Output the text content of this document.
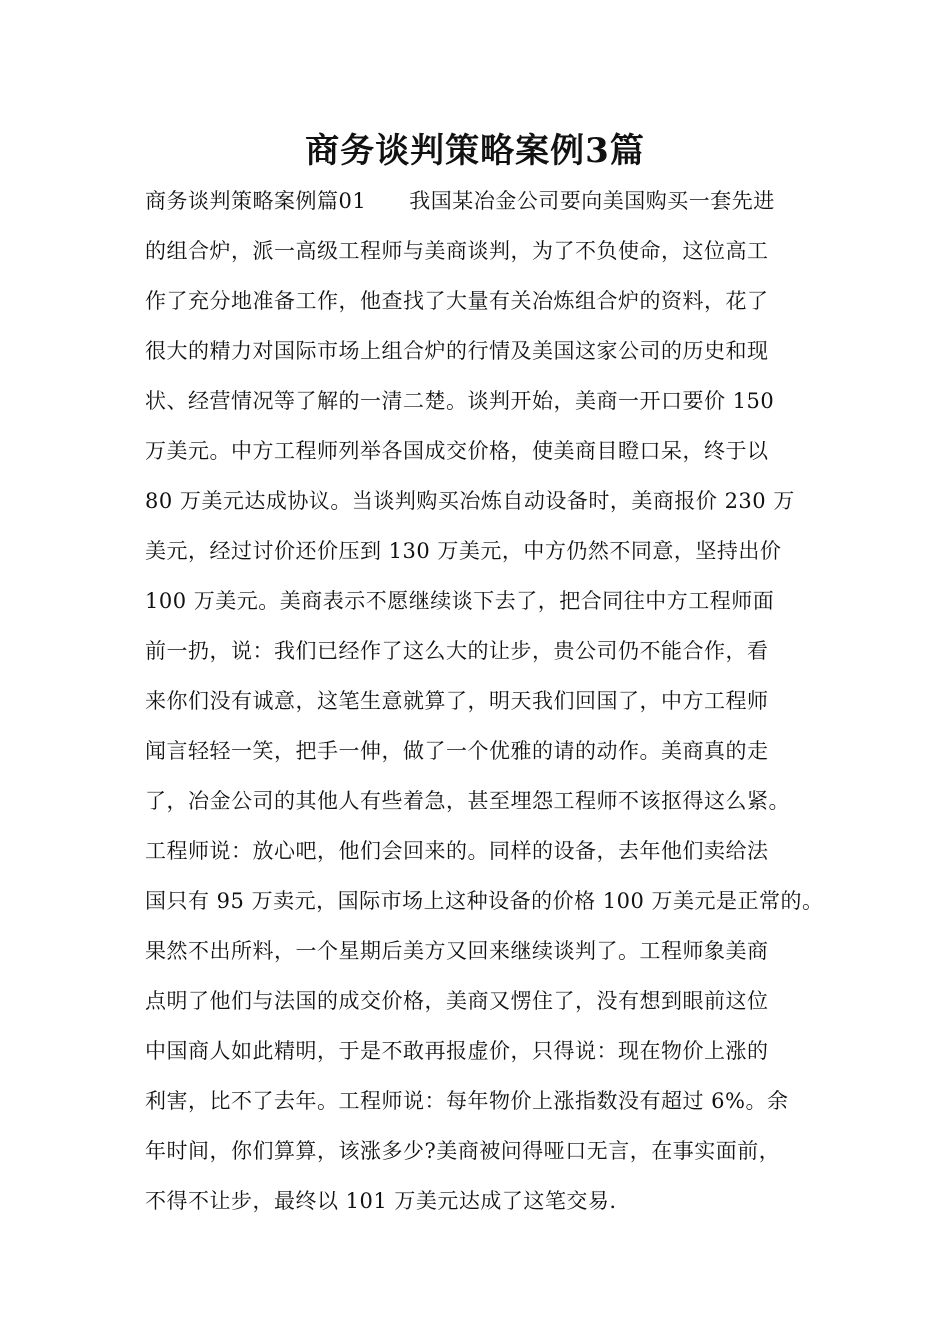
商务谈判策略案例3篇
商务谈判策略案例篇01　　我国某冶金公司要向美国购买一套先进
的组合炉，派一高级工程师与美商谈判，为了不负使命，这位高工
作了充分地准备工作，他查找了大量有关冶炼组合炉的资料，花了
很大的精力对国际市场上组合炉的行情及美国这家公司的历史和现
状、经营情况等了解的一清二楚。谈判开始，美商一开口要价 150
万美元。中方工程师列举各国成交价格，使美商目瞪口呆，终于以
80 万美元达成协议。当谈判购买冶炼自动设备时，美商报价 230 万
美元，经过讨价还价压到 130 万美元，中方仍然不同意，坚持出价
100 万美元。美商表示不愿继续谈下去了，把合同往中方工程师面
前一扔，说：我们已经作了这么大的让步，贵公司仍不能合作，看
来你们没有诚意，这笔生意就算了，明天我们回国了，中方工程师
闻言轻轻一笑，把手一伸，做了一个优雅的请的动作。美商真的走
了，冶金公司的其他人有些着急，甚至埋怨工程师不该抠得这么紧。
工程师说：放心吧，他们会回来的。同样的设备，去年他们卖给法
国只有 95 万卖元，国际市场上这种设备的价格 100 万美元是正常的。
果然不出所料，一个星期后美方又回来继续谈判了。工程师象美商
点明了他们与法国的成交价格，美商又愣住了，没有想到眼前这位
中国商人如此精明，于是不敢再报虚价，只得说：现在物价上涨的
利害，比不了去年。工程师说：每年物价上涨指数没有超过 6%。余
年时间，你们算算，该涨多少?美商被问得哑口无言，在事实面前，
不得不让步，最终以 101 万美元达成了这笔交易.
